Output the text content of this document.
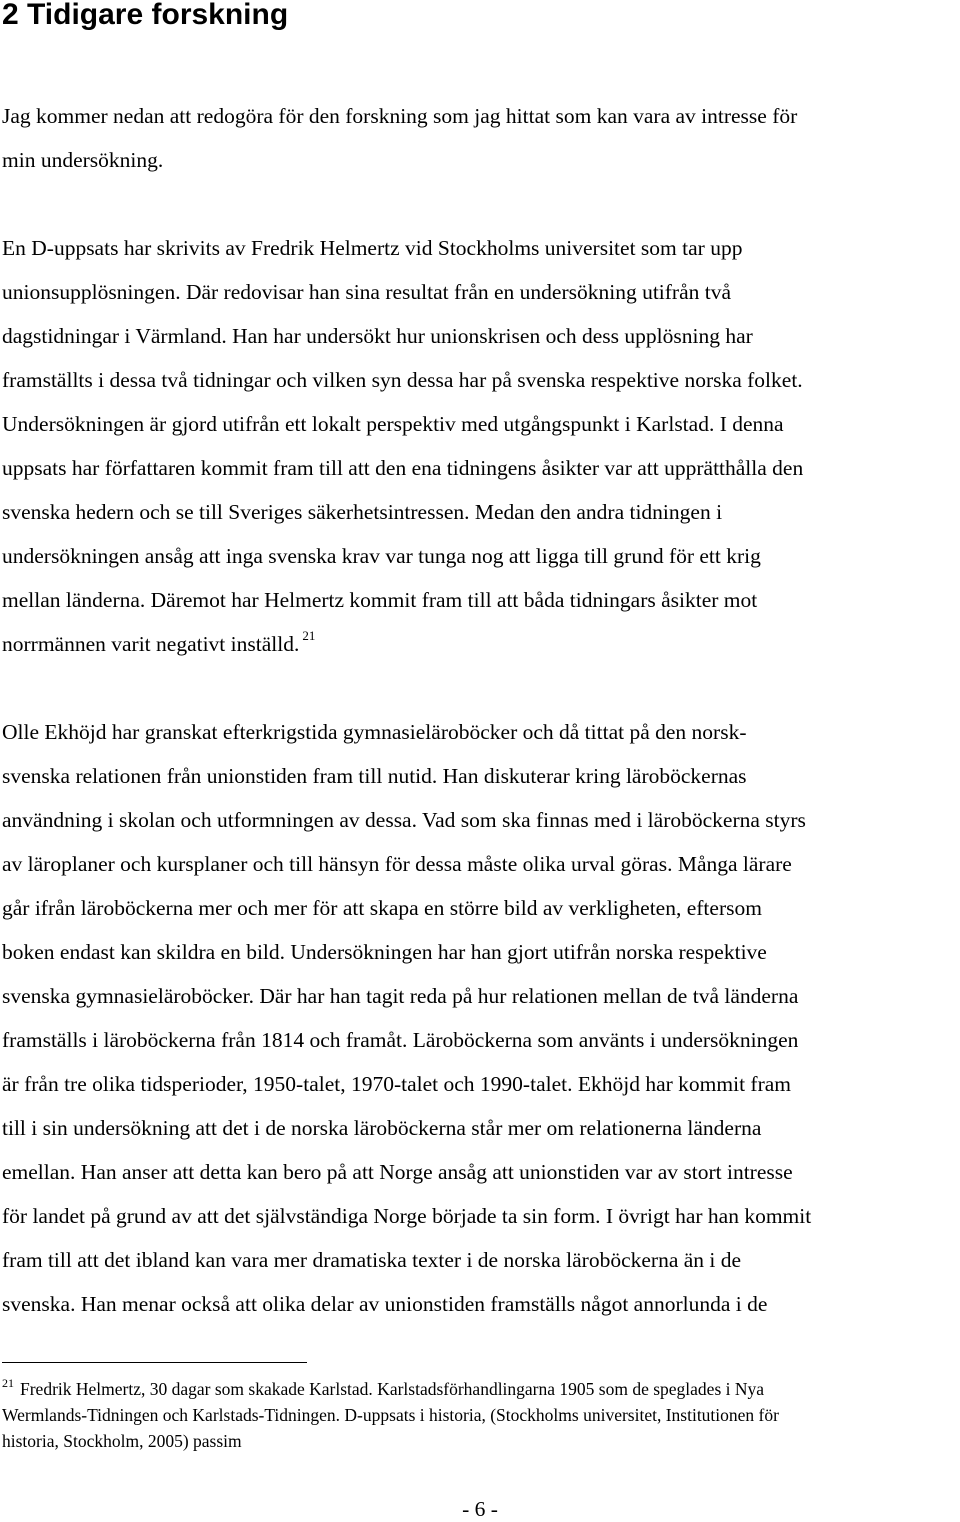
2 Tidigare forskning

Jag kommer nedan att redogöra för den forskning som jag hittat som kan vara av intresse för

min undersökning.

En D-uppsats har skrivits av Fredrik Helmertz vid Stockholms universitet som tar upp

unionsupplösningen. Där redovisar han sina resultat från en undersökning utifrån två

dagstidningar i Värmland. Han har undersökt hur unionskrisen och dess upplösning har

framställts i dessa två tidningar och vilken syn dessa har på svenska respektive norska folket.

Undersökningen är gjord utifrån ett lokalt perspektiv med utgångspunkt i Karlstad. I denna

uppsats har författaren kommit fram till att den ena tidningens åsikter var att upprätthålla den

svenska hedern och se till Sveriges säkerhetsintressen. Medan den andra tidningen i

undersökningen ansåg att inga svenska krav var tunga nog att ligga till grund för ett krig

mellan länderna. Däremot har Helmertz kommit fram till att båda tidningars åsikter mot

norrmännen varit negativt inställd. $^{21}$

Olle Ekhöjd har granskat efterkrigstida gymnasieläroböcker och då tittat på den norsk-

svenska relationen från unionstiden fram till nutid. Han diskuterar kring läroböckernas

användning i skolan och utformningen av dessa. Vad som ska finnas med i läroböckerna styrs

av läroplaner och kursplaner och till hänsyn för dessa måste olika urval göras. Många lärare

går ifrån läroböckerna mer och mer för att skapa en större bild av verkligheten, eftersom

boken endast kan skildra en bild. Undersökningen har han gjort utifrån norska respektive

svenska gymnasieläroböcker. Där har han tagit reda på hur relationen mellan de två länderna

framställs i läroböckerna från 1814 och framåt. Läroböckerna som använts i undersökningen

är från tre olika tidsperioder, 1950-talet, 1970-talet och 1990-talet. Ekhöjd har kommit fram

till i sin undersökning att det i de norska läroböckerna står mer om relationerna länderna

emellan. Han anser att detta kan bero på att Norge ansåg att unionstiden var av stort intresse

för landet på grund av att det självständiga Norge började ta sin form. I övrigt har han kommit

fram till att det ibland kan vara mer dramatiska texter i de norska läroböckerna än i de

svenska. Han menar också att olika delar av unionstiden framställs något annorlunda i de

$^{21}$ Fredrik Helmertz, 30 dagar som skakade Karlstad. Karlstadsförhandlingarna 1905 som de speglades i Nya

Wermlands-Tidningen och Karlstads-Tidningen. D-uppsats i historia, (Stockholms universitet, Institutionen för

historia, Stockholm, 2005) passim

- 6 -
